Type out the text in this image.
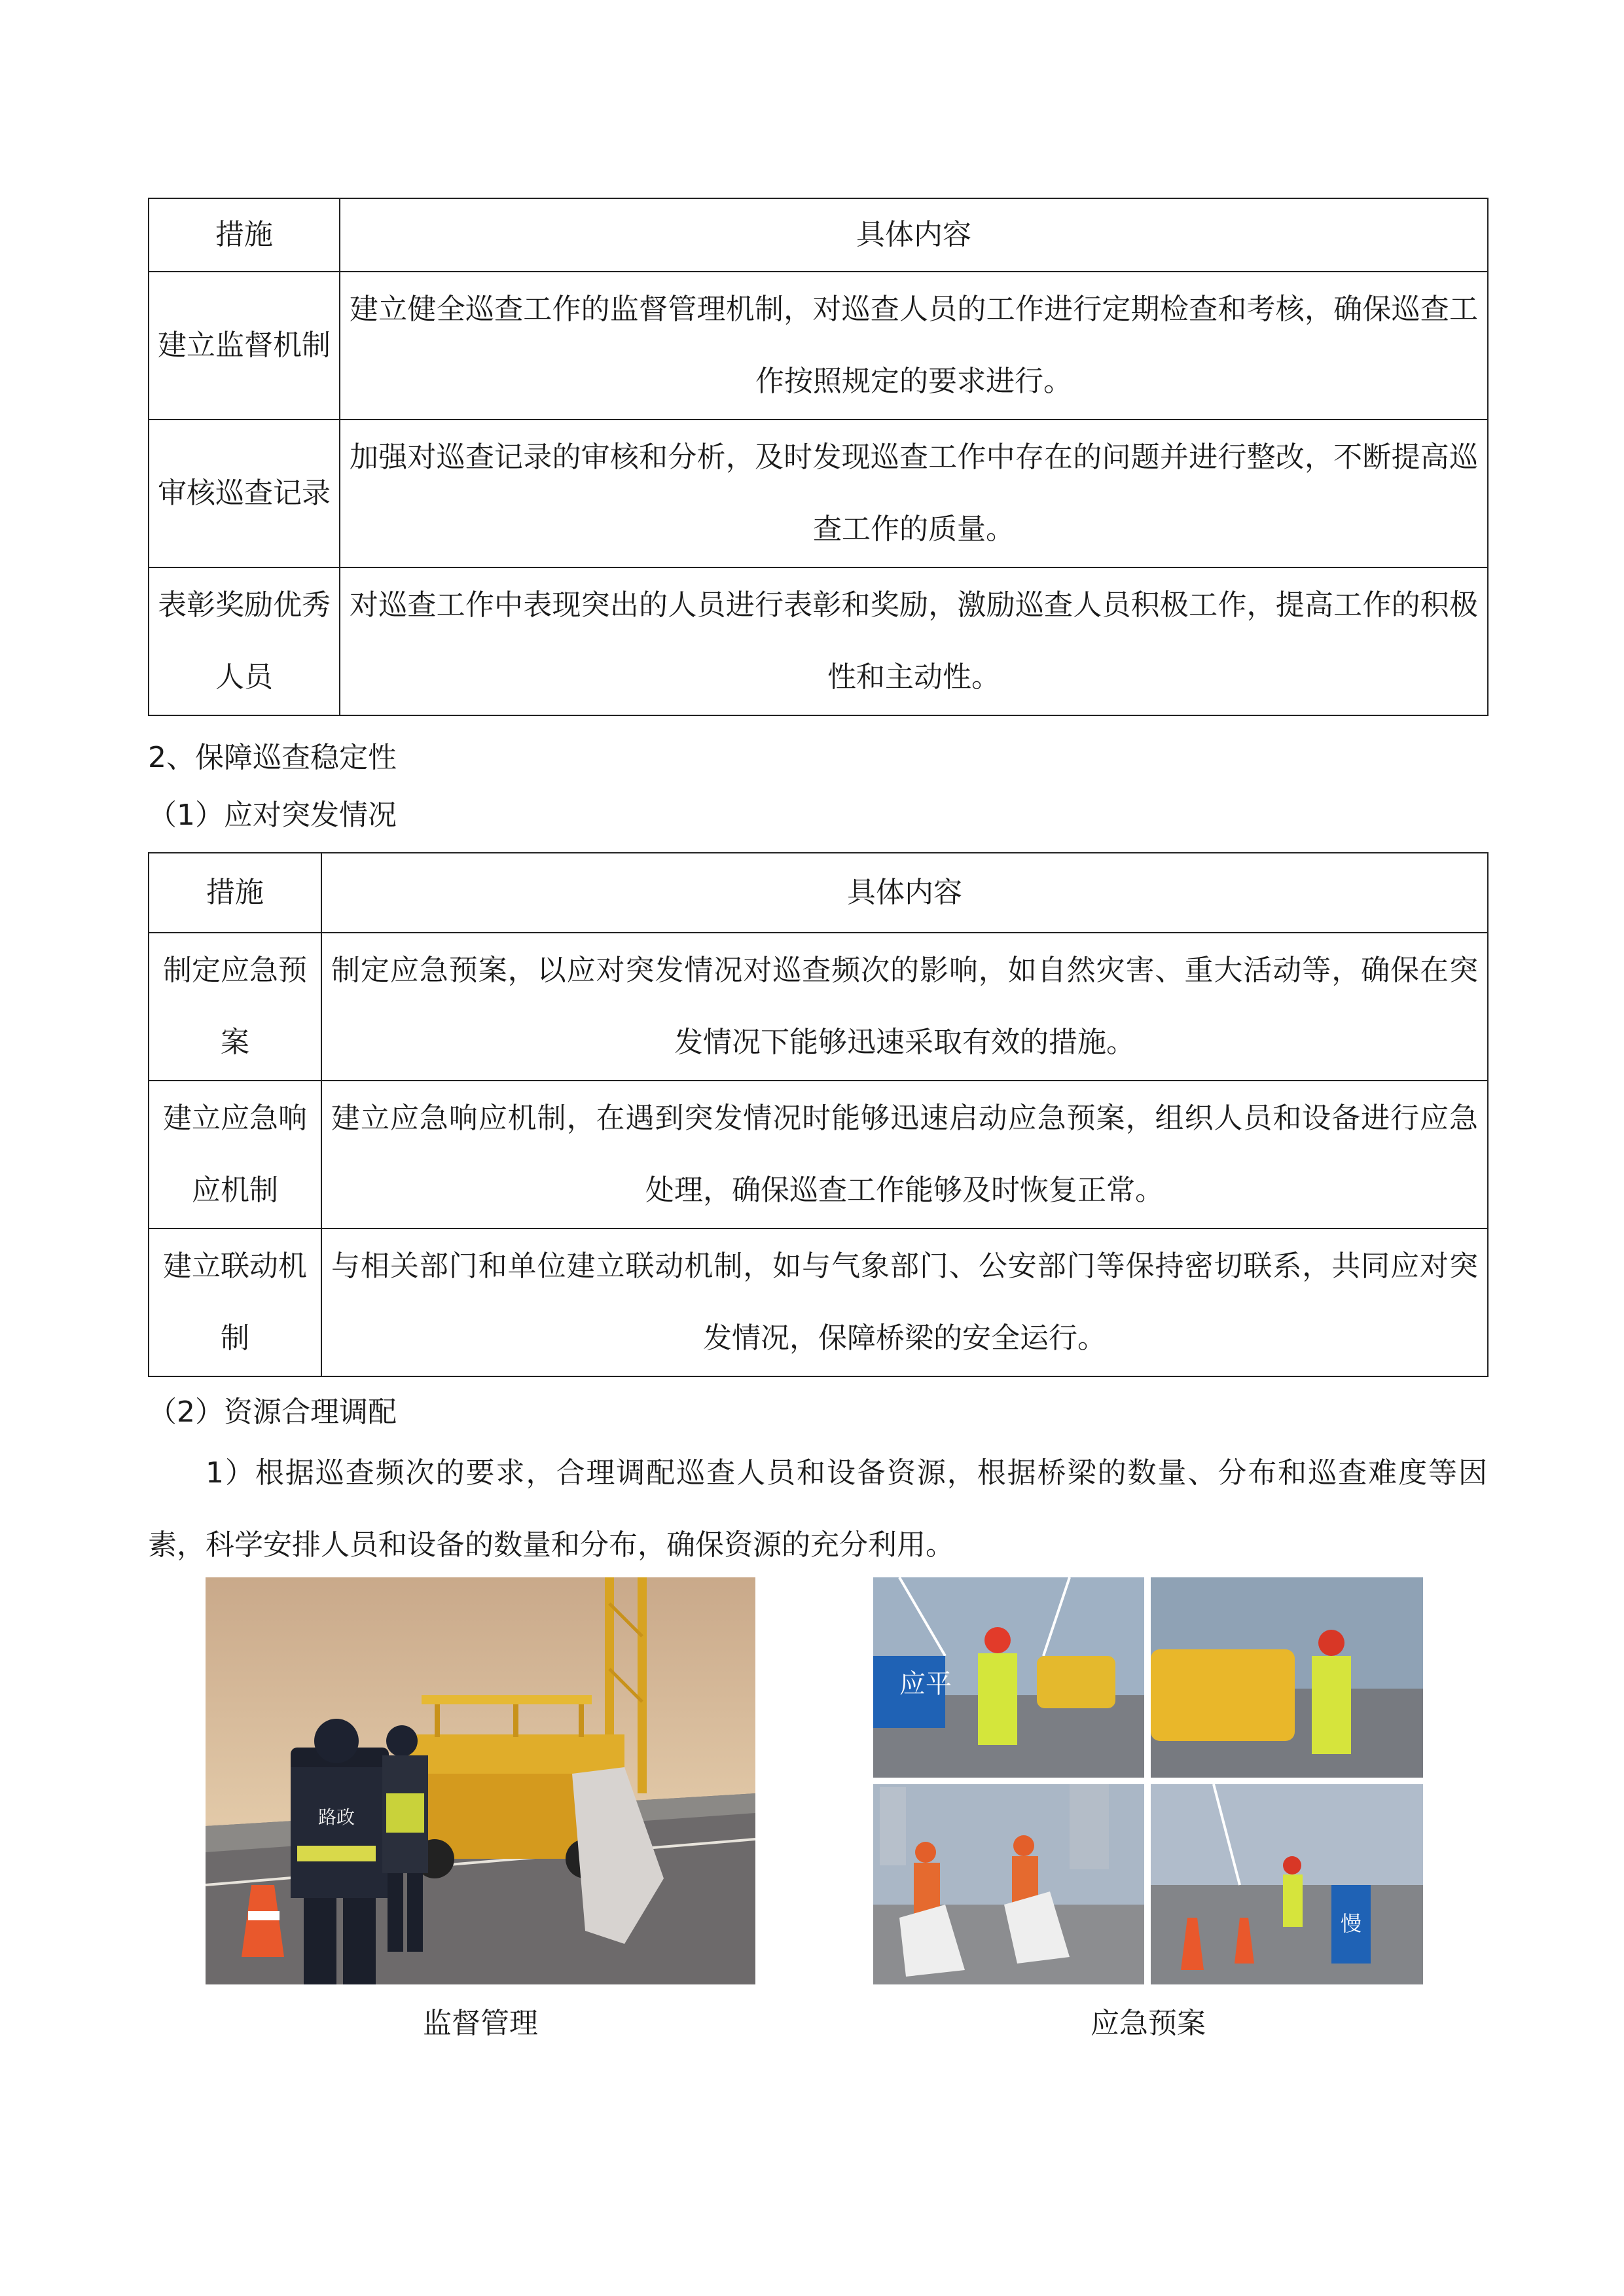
措施	具体内容
建立监督机制	建立健全巡查工作的监督管理机制，对巡查人员的工作进行定期检查和考核，确保巡查工作按照规定的要求进行。
审核巡查记录	加强对巡查记录的审核和分析，及时发现巡查工作中存在的问题并进行整改，不断提高巡查工作的质量。
表彰奖励优秀人员	对巡查工作中表现突出的人员进行表彰和奖励，激励巡查人员积极工作，提高工作的积极性和主动性。
2、保障巡查稳定性
（1）应对突发情况
措施	具体内容
制定应急预案	制定应急预案，以应对突发情况对巡查频次的影响，如自然灾害、重大活动等，确保在突发情况下能够迅速采取有效的措施。
建立应急响应机制	建立应急响应机制，在遇到突发情况时能够迅速启动应急预案，组织人员和设备进行应急处理，确保巡查工作能够及时恢复正常。
建立联动机制	与相关部门和单位建立联动机制，如与气象部门、公安部门等保持密切联系，共同应对突发情况，保障桥梁的安全运行。
（2）资源合理调配
1）根据巡查频次的要求，合理调配巡查人员和设备资源，根据桥梁的数量、分布和巡查难度等因素，科学安排人员和设备的数量和分布，确保资源的充分利用。
路政
监督管理
应 平
慢
应急预案
